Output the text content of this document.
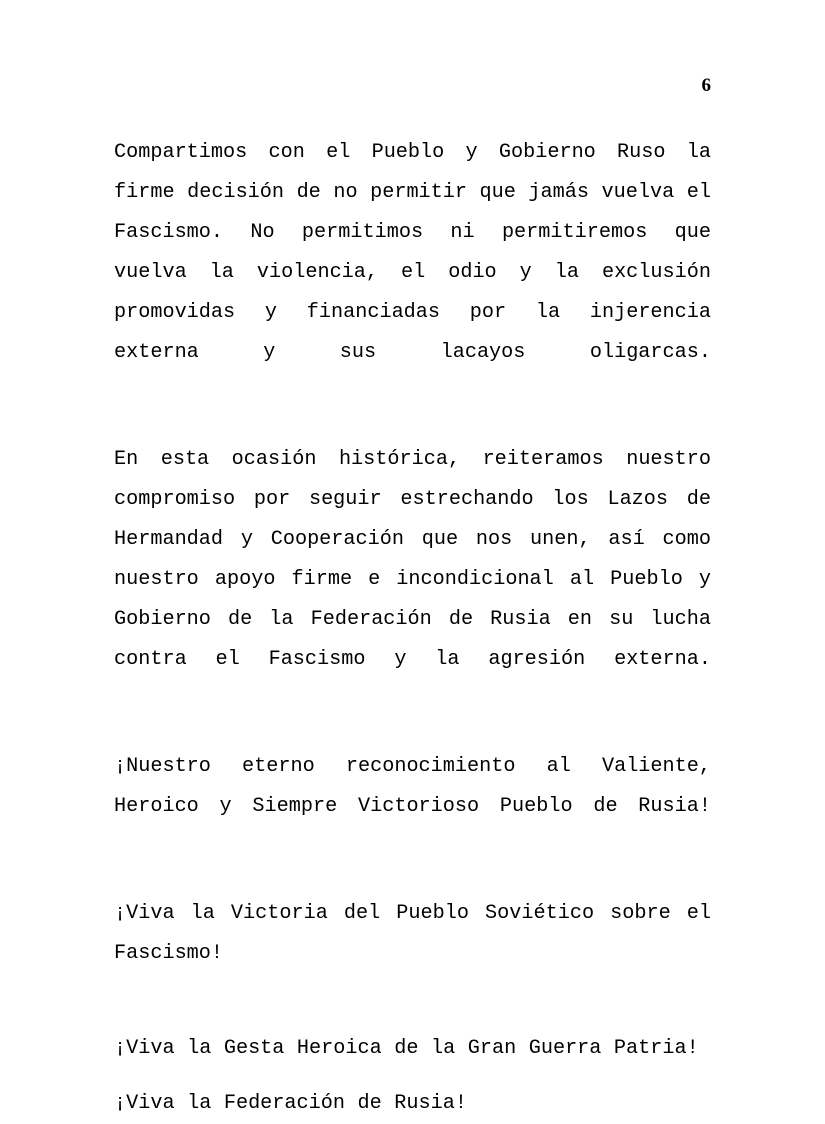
6

Compartimos con el Pueblo y Gobierno Ruso la firme decisión de no permitir que jamás vuelva el Fascismo. No permitimos ni permitiremos que vuelva la violencia, el odio y la exclusión promovidas y financiadas por la injerencia externa y sus lacayos oligarcas.

En esta ocasión histórica, reiteramos nuestro compromiso por seguir estrechando los Lazos de Hermandad y Cooperación que nos unen, así como nuestro apoyo firme e incondicional al Pueblo y Gobierno de la Federación de Rusia en su lucha contra el Fascismo y la agresión externa.

¡Nuestro eterno reconocimiento al Valiente, Heroico y Siempre Victorioso Pueblo de Rusia!

¡Viva la Victoria del Pueblo Soviético sobre el Fascismo!

¡Viva la Gesta Heroica de la Gran Guerra Patria!

¡Viva la Federación de Rusia!
